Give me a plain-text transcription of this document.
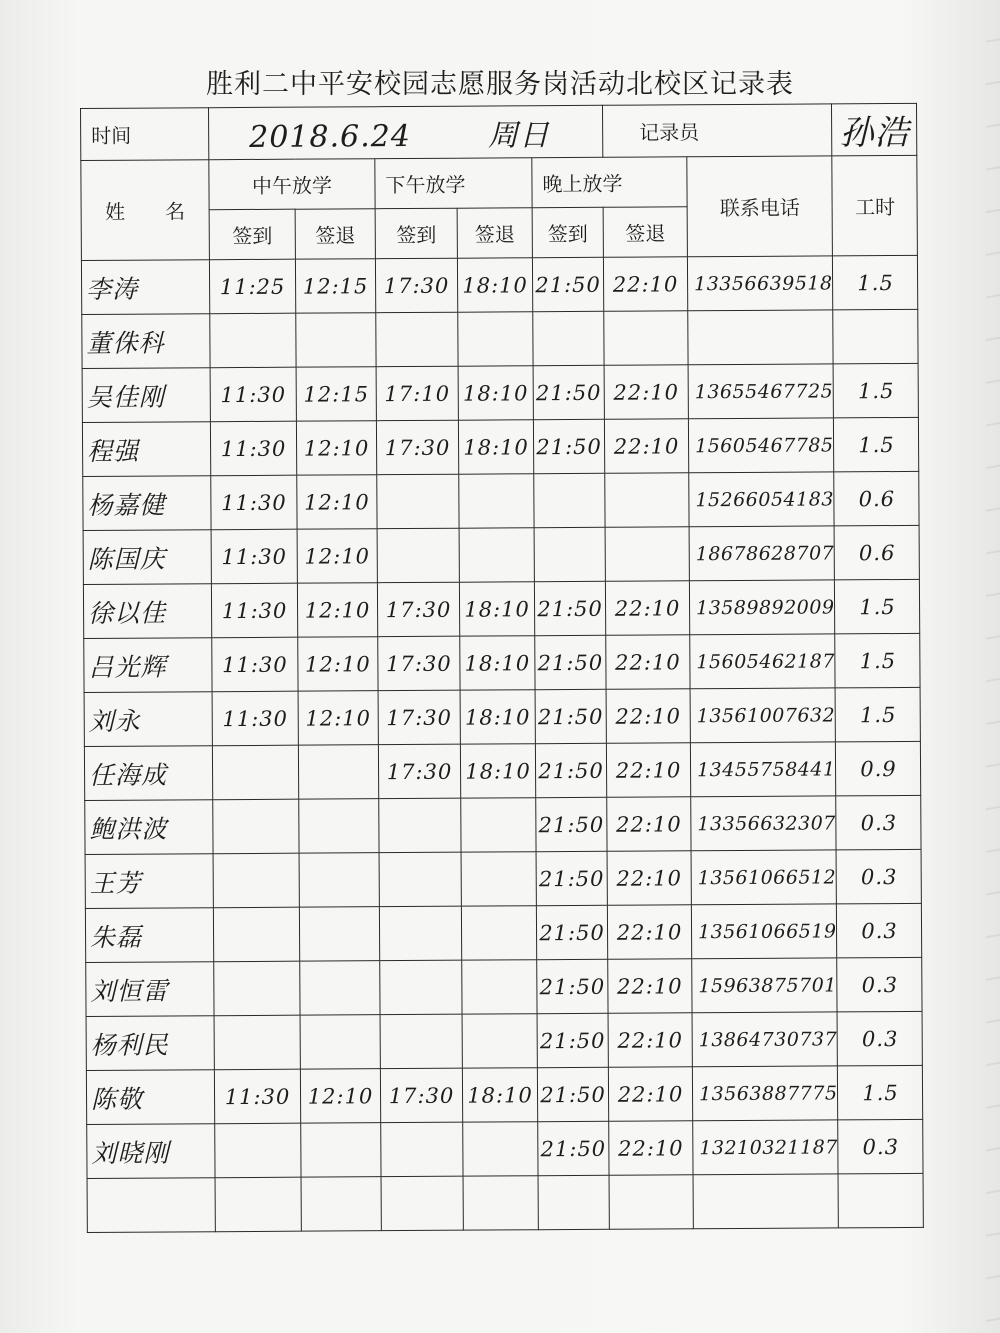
胜利二中平安校园志愿服务岗活动北校区记录表
时间	2018.6.24 周日					记录员		孙浩
姓　　名	中午放学		下午放学		晚上放学		联系电话	工时
	签到	签退	签到	签退	签到	签退		
李涛	11:25	12:15	17:30	18:10	21:50	22:10	13356639518	1.5
董侏科								
吴佳刚	11:30	12:15	17:10	18:10	21:50	22:10	13655467725	1.5
程强	11:30	12:10	17:30	18:10	21:50	22:10	15605467785	1.5
杨嘉健	11:30	12:10					15266054183	0.6
陈国庆	11:30	12:10					18678628707	0.6
徐以佳	11:30	12:10	17:30	18:10	21:50	22:10	13589892009	1.5
吕光辉	11:30	12:10	17:30	18:10	21:50	22:10	15605462187	1.5
刘永	11:30	12:10	17:30	18:10	21:50	22:10	13561007632	1.5
任海成			17:30	18:10	21:50	22:10	13455758441	0.9
鲍洪波					21:50	22:10	13356632307	0.3
王芳					21:50	22:10	13561066512	0.3
朱磊					21:50	22:10	13561066519	0.3
刘恒雷					21:50	22:10	15963875701	0.3
杨利民					21:50	22:10	13864730737	0.3
陈敬	11:30	12:10	17:30	18:10	21:50	22:10	13563887775	1.5
刘晓刚					21:50	22:10	13210321187	0.3
